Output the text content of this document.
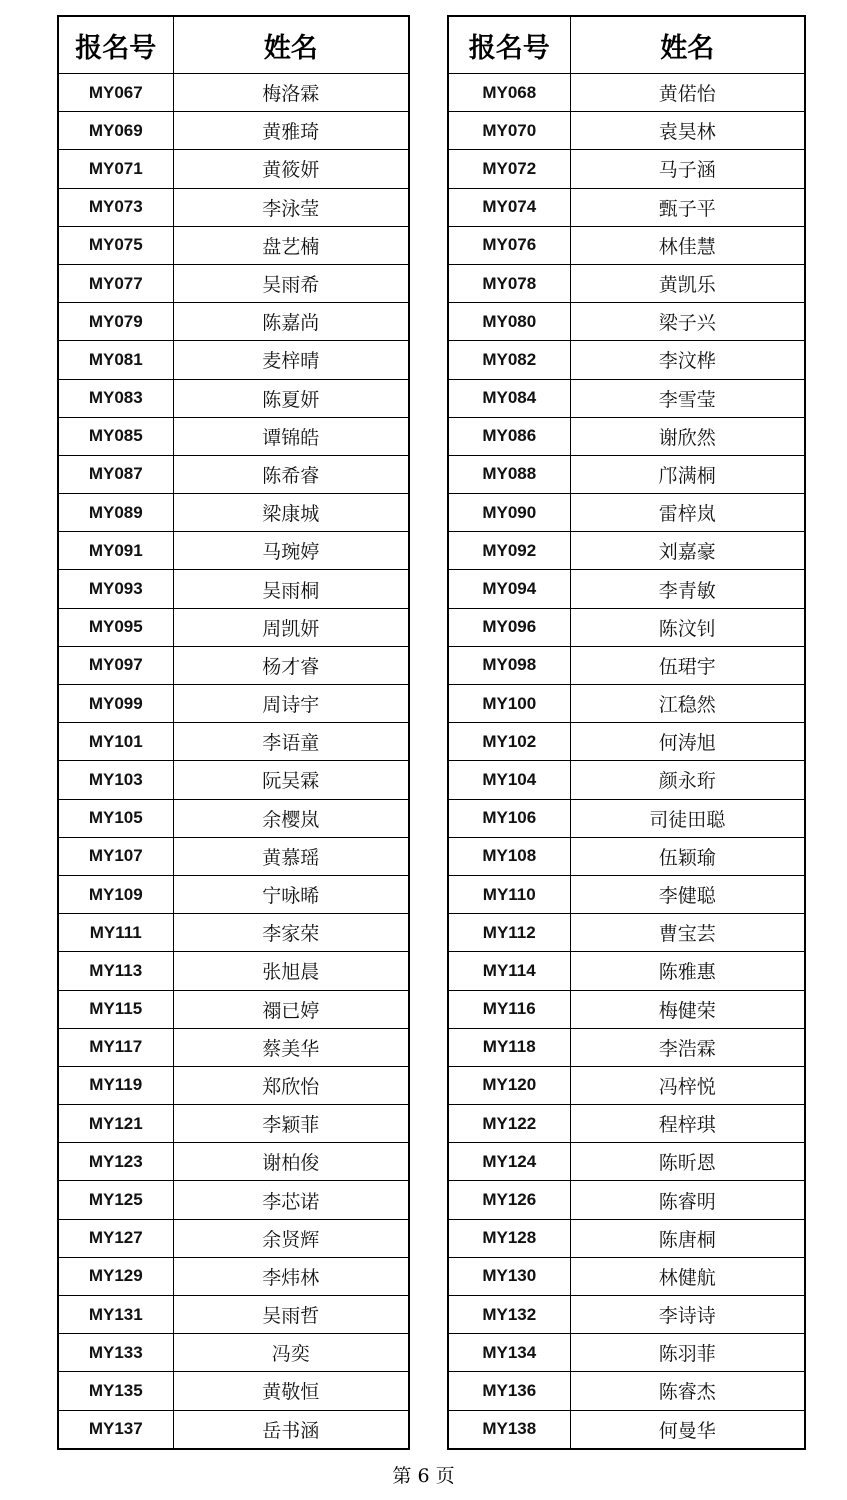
报名号	姓名
MY067	梅洛霖
MY069	黄雅琦
MY071	黄筱妍
MY073	李泳莹
MY075	盘艺楠
MY077	吴雨希
MY079	陈嘉尚
MY081	麦梓晴
MY083	陈夏妍
MY085	谭锦皓
MY087	陈希睿
MY089	梁康城
MY091	马琬婷
MY093	吴雨桐
MY095	周凯妍
MY097	杨才睿
MY099	周诗宇
MY101	李语童
MY103	阮吴霖
MY105	余樱岚
MY107	黄慕瑶
MY109	宁咏晞
MY111	李家荣
MY113	张旭晨
MY115	禤已婷
MY117	蔡美华
MY119	郑欣怡
MY121	李颖菲
MY123	谢柏俊
MY125	李芯诺
MY127	余贤辉
MY129	李炜林
MY131	吴雨哲
MY133	冯奕
MY135	黄敬恒
MY137	岳书涵
报名号	姓名
MY068	黄偌怡
MY070	袁昊林
MY072	马子涵
MY074	甄子平
MY076	林佳慧
MY078	黄凯乐
MY080	梁子兴
MY082	李汶桦
MY084	李雪莹
MY086	谢欣然
MY088	邝满桐
MY090	雷梓岚
MY092	刘嘉豪
MY094	李青敏
MY096	陈汶钊
MY098	伍珺宇
MY100	江稳然
MY102	何涛旭
MY104	颜永珩
MY106	司徒田聪
MY108	伍颖瑜
MY110	李健聪
MY112	曹宝芸
MY114	陈雅惠
MY116	梅健荣
MY118	李浩霖
MY120	冯梓悦
MY122	程梓琪
MY124	陈昕恩
MY126	陈睿明
MY128	陈唐桐
MY130	林健航
MY132	李诗诗
MY134	陈羽菲
MY136	陈睿杰
MY138	何曼华
第 6 页
